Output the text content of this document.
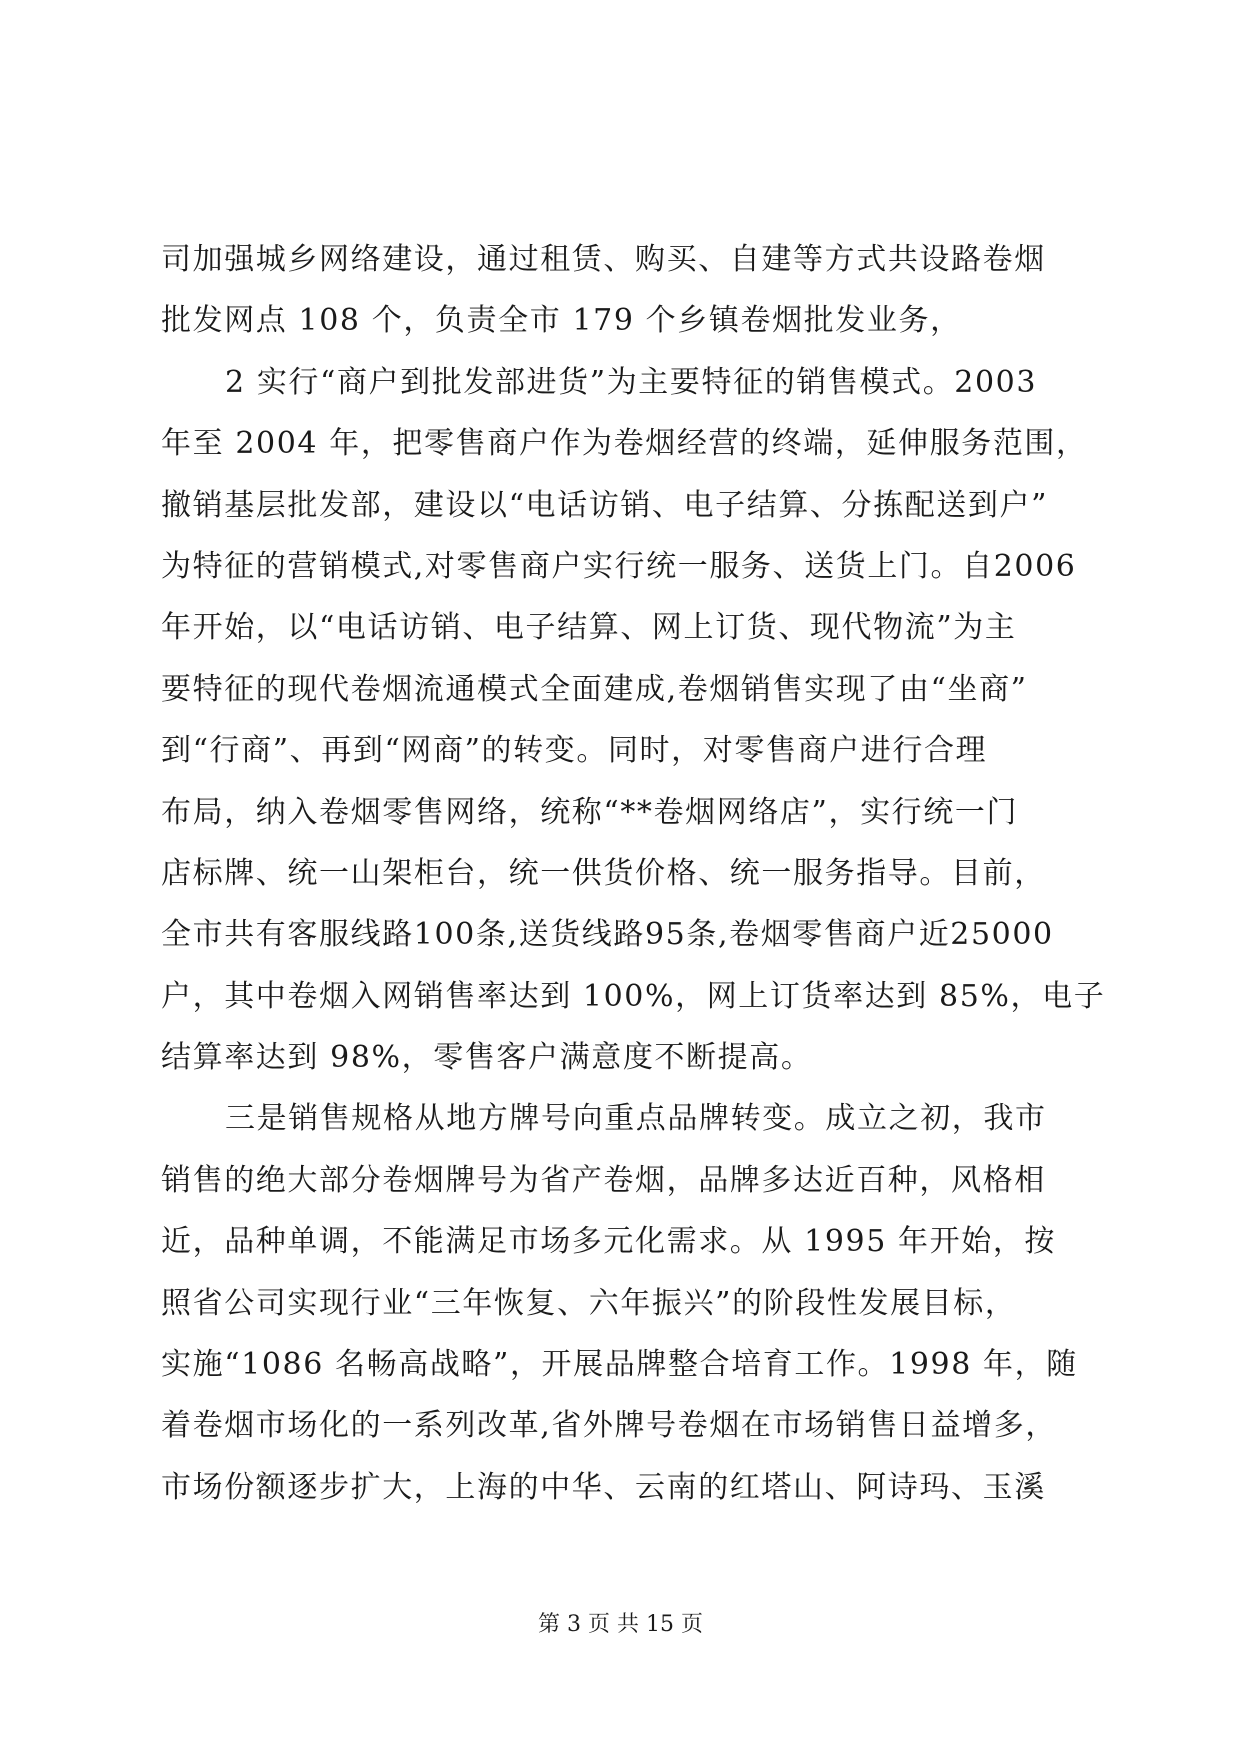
司加强城乡网络建设，通过租赁、购买、自建等方式共设路卷烟
批发网点 108 个，负责全市 179 个乡镇卷烟批发业务，
2 实行“商户到批发部进货”为主要特征的销售模式。2003
年至 2004 年，把零售商户作为卷烟经营的终端，延伸服务范围，
撤销基层批发部，建设以“电话访销、电子结算、分拣配送到户”
为特征的营销模式,对零售商户实行统一服务、送货上门。自2006
年开始，以“电话访销、电子结算、网上订货、现代物流”为主
要特征的现代卷烟流通模式全面建成,卷烟销售实现了由“坐商”
到“行商”、再到“网商”的转变。同时，对零售商户进行合理
布局，纳入卷烟零售网络，统称“**卷烟网络店”，实行统一门
店标牌、统一山架柜台，统一供货价格、统一服务指导。目前，
全市共有客服线路100条,送货线路95条,卷烟零售商户近25000
户，其中卷烟入网销售率达到 100%，网上订货率达到 85%，电子
结算率达到 98%，零售客户满意度不断提高。
三是销售规格从地方牌号向重点品牌转变。成立之初，我市
销售的绝大部分卷烟牌号为省产卷烟，品牌多达近百种，风格相
近，品种单调，不能满足市场多元化需求。从 1995 年开始，按
照省公司实现行业“三年恢复、六年振兴”的阶段性发展目标，
实施“1086 名畅高战略”，开展品牌整合培育工作。1998 年，随
着卷烟市场化的一系列改革,省外牌号卷烟在市场销售日益增多，
市场份额逐步扩大，上海的中华、云南的红塔山、阿诗玛、玉溪
第 3 页 共 15 页
